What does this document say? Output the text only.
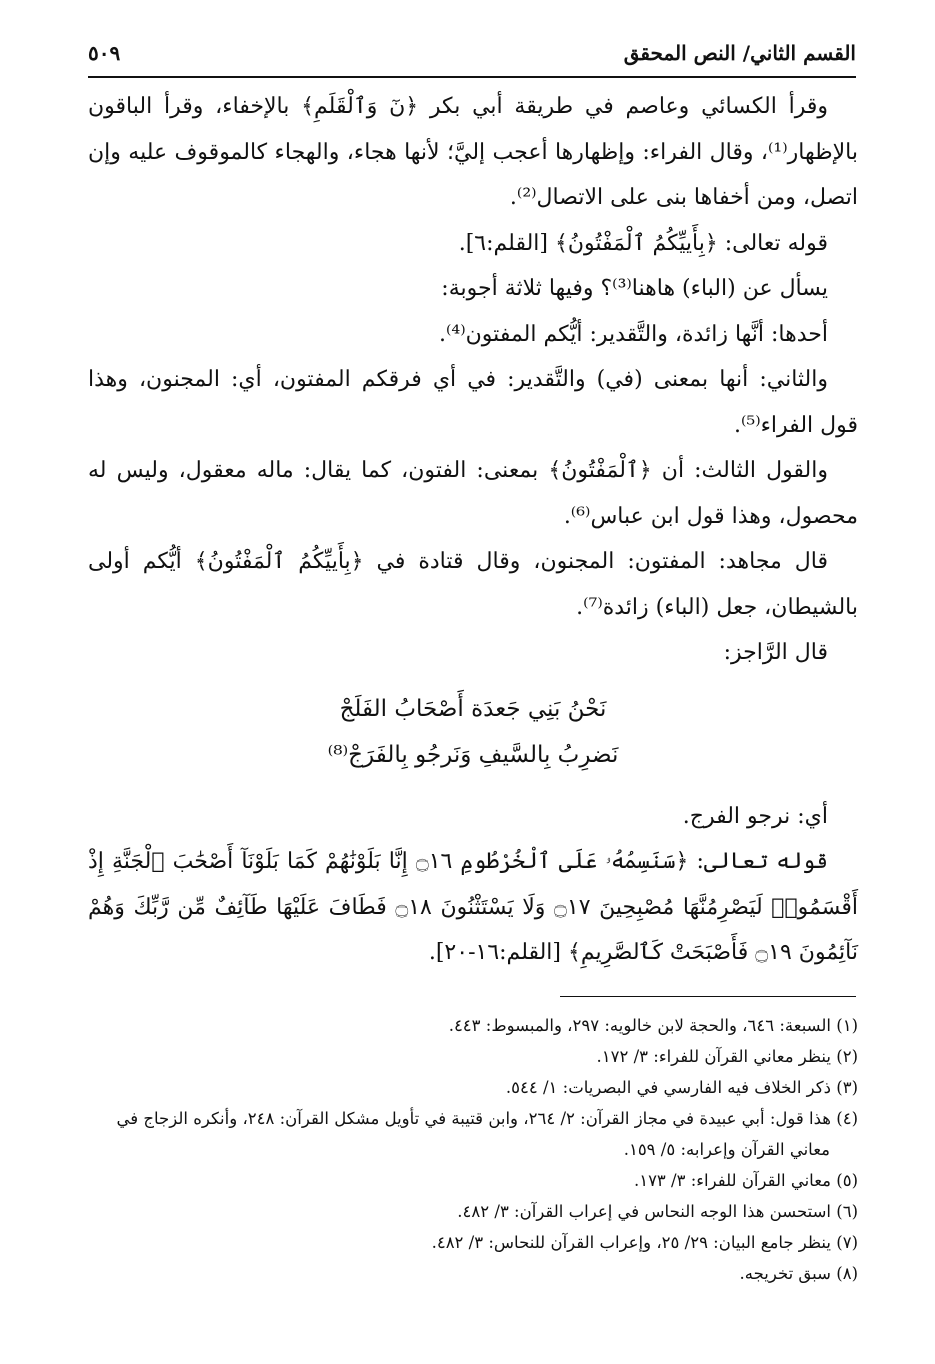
القسم الثاني/ النص المحقق
٥٠٩

وقرأ الكسائي وعاصم في طريقة أبي بكر ﴿نٓ وَٱلْقَلَمِ﴾ بالإخفاء، وقرأ الباقون بالإظهار⁽¹⁾، وقال الفراء: وإظهارها أعجب إليَّ؛ لأنها هجاء، والهجاء كالموقوف عليه وإن اتصل، ومن أخفاها بنى على الاتصال⁽²⁾.

قوله تعالى: ﴿بِأَييِّكُمُ ٱلْمَفْتُونُ﴾ [القلم:٦].

يسأل عن (الباء) هاهنا⁽³⁾؟ وفيها ثلاثة أجوبة:

أحدها: أنَّها زائدة، والتَّقدير: أيُّكم المفتون⁽⁴⁾.

والثاني: أنها بمعنى (في) والتَّقدير: في أي فرقكم المفتون، أي: المجنون، وهذا قول الفراء⁽⁵⁾.

والقول الثالث: أن ﴿ٱلْمَفْتُونُ﴾ بمعنى: الفتون، كما يقال: ماله معقول، وليس له محصول، وهذا قول ابن عباس⁽⁶⁾.

قال مجاهد: المفتون: المجنون، وقال قتادة في ﴿بِأَييِّكُمُ ٱلْمَفْتُونُ﴾ أيُّكم أولى بالشيطان، جعل (الباء) زائدة⁽⁷⁾.

قال الرَّاجز:

نَحْنُ بَنِي جَعدَة أَصْحَابُ الفَلَجْ

نَضرِبُ بِالسَّيفِ وَنَرجُو بِالفَرَجْ⁽⁸⁾

أي: نرجو الفرج.

قوله تعالى: ﴿سَنَسِمُهُۥ عَلَى ٱلْخُرْطُومِ ۝١٦ إِنَّا بَلَوْنَٰهُمْ كَمَا بَلَوْنَآ أَصْحَٰبَ ٱلْجَنَّةِ إِذْ أَقْسَمُوا۟ لَيَصْرِمُنَّهَا مُصْبِحِينَ ۝١٧ وَلَا يَسْتَثْنُونَ ۝١٨ فَطَافَ عَلَيْهَا طَآئِفٌ مِّن رَّبِّكَ وَهُمْ نَآئِمُونَ ۝١٩ فَأَصْبَحَتْ كَٱلصَّرِيمِ﴾ [القلم:١٦-٢٠].

(١) السبعة: ٦٤٦، والحجة لابن خالويه: ٢٩٧، والمبسوط: ٤٤٣.

(٢) ينظر معاني القرآن للفراء: ٣/ ١٧٢.

(٣) ذكر الخلاف فيه الفارسي في البصريات: ١/ ٥٤٤.

(٤) هذا قول: أبي عبيدة في مجاز القرآن: ٢/ ٢٦٤، وابن قتيبة في تأويل مشكل القرآن: ٢٤٨، وأنكره الزجاج في

معاني القرآن وإعرابه: ٥/ ١٥٩.

(٥) معاني القرآن للفراء: ٣/ ١٧٣.

(٦) استحسن هذا الوجه النحاس في إعراب القرآن: ٣/ ٤٨٢.

(٧) ينظر جامع البيان: ٢٩/ ٢٥، وإعراب القرآن للنحاس: ٣/ ٤٨٢.

(٨) سبق تخريجه.
